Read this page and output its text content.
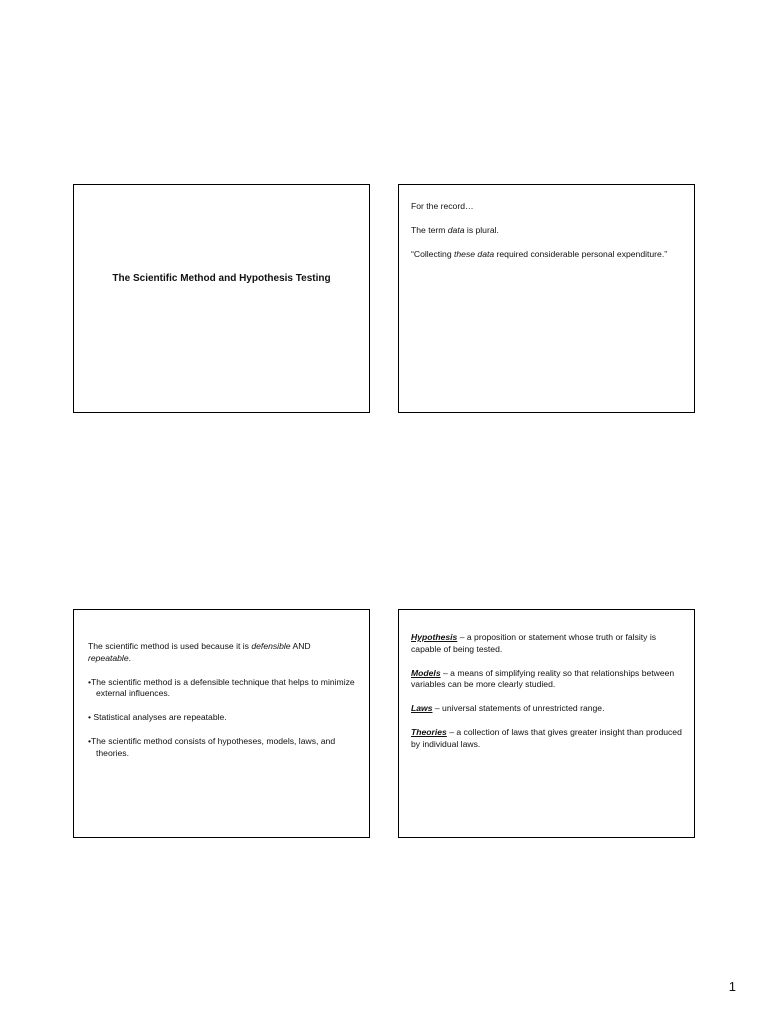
The Scientific Method and Hypothesis Testing

For the record…

The term data is plural.

“Collecting these data required considerable personal expenditure.”

The scientific method is used because it is defensible AND repeatable.

•The scientific method is a defensible technique that helps to minimize external influences.

• Statistical analyses are repeatable.

•The scientific method consists of hypotheses, models, laws, and theories.

Hypothesis – a proposition or statement whose truth or falsity is capable of being tested.

Models – a means of simplifying reality so that relationships between variables can be more clearly studied.

Laws – universal statements of unrestricted range.

Theories – a collection of laws that gives greater insight than produced by individual laws.

1
